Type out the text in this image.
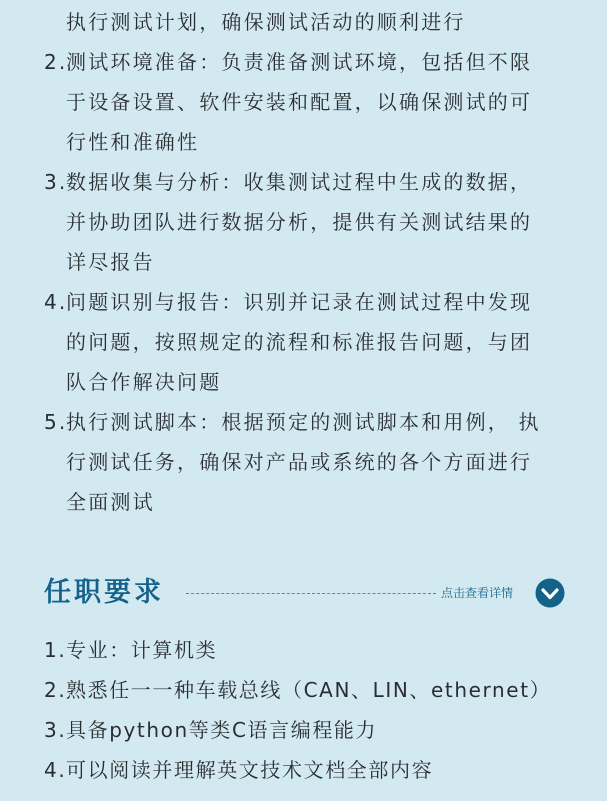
执行测试计划，确保测试活动的顺利进行
2.
测试环境准备：负责准备测试环境，包括但不限
于设备设置、软件安装和配置，以确保测试的可
行性和准确性
3.
数据收集与分析：收集测试过程中生成的数据，
并协助团队进行数据分析，提供有关测试结果的
详尽报告
4.
问题识别与报告：识别并记录在测试过程中发现
的问题，按照规定的流程和标准报告问题，与团
队合作解决问题
5.
执行测试脚本：根据预定的测试脚本和用例， 执
行测试任务，确保对产品或系统的各个方面进行
全面测试
任职要求	点击查看详情
1. 专业：计算机类
2. 熟悉任一一种车载总线（CAN、LIN、ethernet）
3. 具备python等类C语言编程能力
4. 可以阅读并理解英文技术文档全部内容
